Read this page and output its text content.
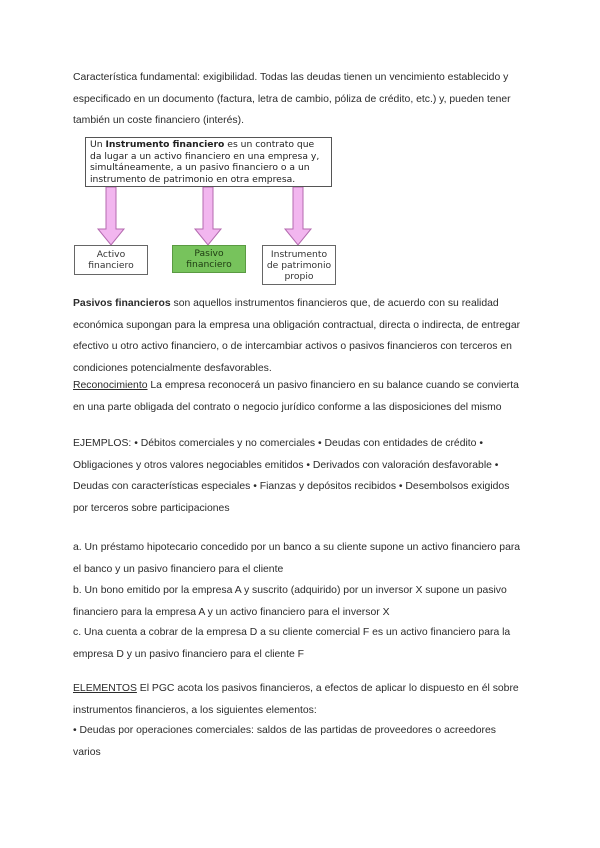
Característica fundamental: exigibilidad. Todas las deudas tienen un vencimiento establecido y especificado en un documento (factura, letra de cambio, póliza de crédito, etc.) y, pueden tener también un coste financiero (interés).

Un Instrumento financiero es un contrato que da lugar a un activo financiero en una empresa y, simultáneamente, a un pasivo financiero o a un instrumento de patrimonio en otra empresa.
Activo financiero
Pasivo financiero
Instrumento de patrimonio propio

Pasivos financieros son aquellos instrumentos financieros que, de acuerdo con su realidad económica supongan para la empresa una obligación contractual, directa o indirecta, de entregar efectivo u otro activo financiero, o de intercambiar activos o pasivos financieros con terceros en condiciones potencialmente desfavorables.

Reconocimiento La empresa reconocerá un pasivo financiero en su balance cuando se convierta en una parte obligada del contrato o negocio jurídico conforme a las disposiciones del mismo

EJEMPLOS: • Débitos comerciales y no comerciales • Deudas con entidades de crédito • Obligaciones y otros valores negociables emitidos • Derivados con valoración desfavorable • Deudas con características especiales • Fianzas y depósitos recibidos • Desembolsos exigidos por terceros sobre participaciones

a. Un préstamo hipotecario concedido por un banco a su cliente supone un activo financiero para el banco y un pasivo financiero para el cliente

b. Un bono emitido por la empresa A y suscrito (adquirido) por un inversor X supone un pasivo financiero para la empresa A y un activo financiero para el inversor X

c. Una cuenta a cobrar de la empresa D a su cliente comercial F es un activo financiero para la empresa D y un pasivo financiero para el cliente F

ELEMENTOS El PGC acota los pasivos financieros, a efectos de aplicar lo dispuesto en él sobre instrumentos financieros, a los siguientes elementos:

• Deudas por operaciones comerciales: saldos de las partidas de proveedores o acreedores varios
